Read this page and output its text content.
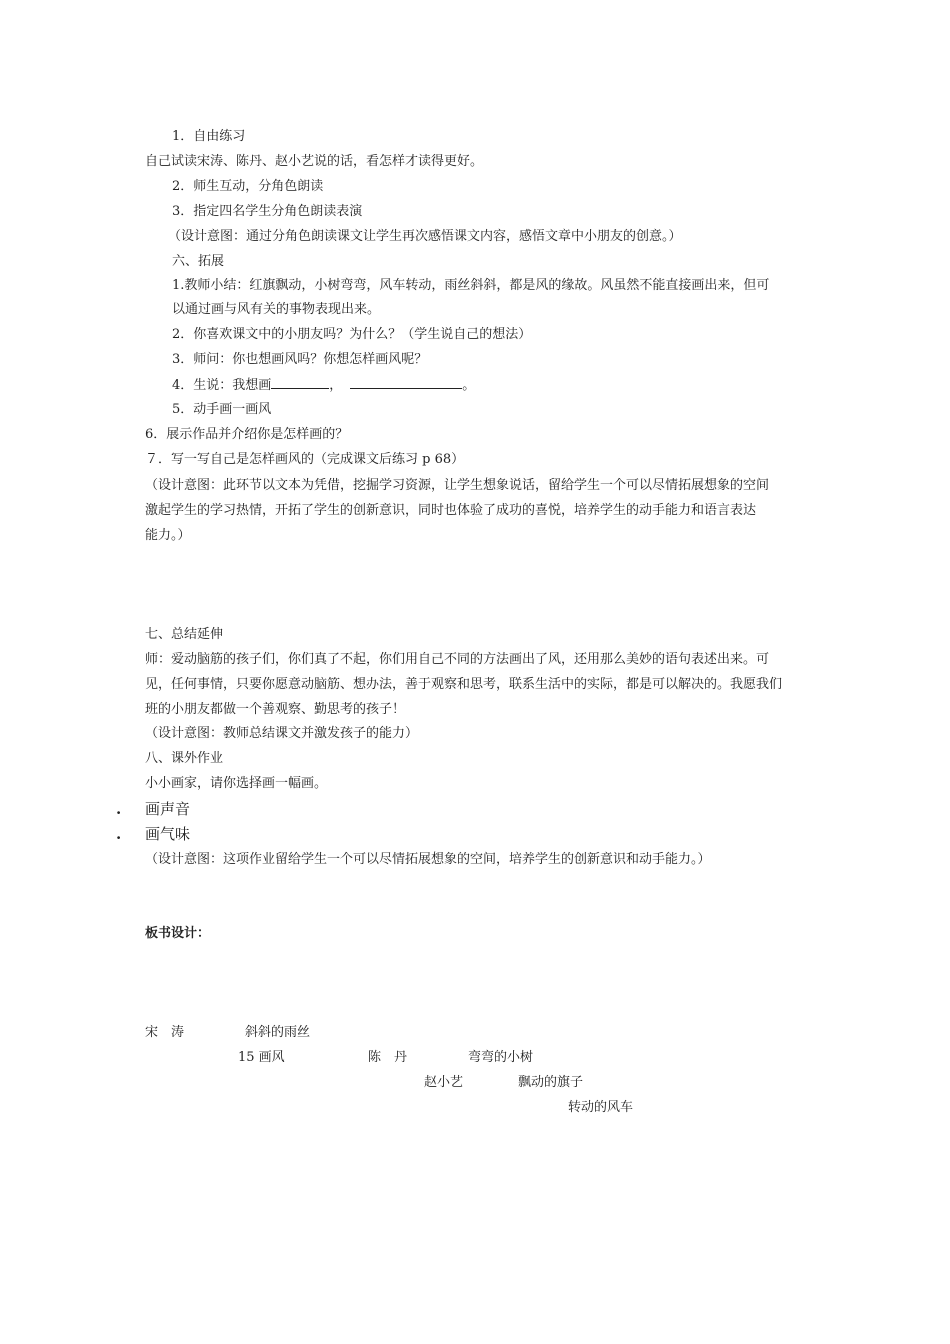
1．自由练习
自己试读宋涛、陈丹、赵小艺说的话，看怎样才读得更好。
2．师生互动，分角色朗读
3．指定四名学生分角色朗读表演
（设计意图：通过分角色朗读课文让学生再次感悟课文内容，感悟文章中小朋友的创意。）
六、拓展
1.教师小结：红旗飘动，小树弯弯，风车转动，雨丝斜斜，都是风的缘故。风虽然不能直接画出来，但可
以通过画与风有关的事物表现出来。
2．你喜欢课文中的小朋友吗？为什么？（学生说自己的想法）
3．师问：你也想画风吗？你想怎样画风呢？
4．生说：我想画	，	。
5．动手画一画风
6．展示作品并介绍你是怎样画的？
７．写一写自己是怎样画风的（完成课文后练习 p 68）
（设计意图：此环节以文本为凭借，挖掘学习资源，让学生想象说话，留给学生一个可以尽情拓展想象的空间
激起学生的学习热情，开拓了学生的创新意识，同时也体验了成功的喜悦，培养学生的动手能力和语言表达
能力。）
七、总结延伸
师：爱动脑筋的孩子们，你们真了不起，你们用自己不同的方法画出了风，还用那么美妙的语句表述出来。可
见，任何事情，只要你愿意动脑筋、想办法，善于观察和思考，联系生活中的实际，都是可以解决的。我愿我们
班的小朋友都做一个善观察、勤思考的孩子！
（设计意图：教师总结课文并激发孩子的能力）
八、课外作业
小小画家，请你选择画一幅画。
. 画声音
. 画气味
（设计意图：这项作业留给学生一个可以尽情拓展想象的空间，培养学生的创新意识和动手能力。）
板书设计：
宋　涛	斜斜的雨丝
15 画风	陈　丹	弯弯的小树
赵小艺	飘动的旗子
转动的风车
